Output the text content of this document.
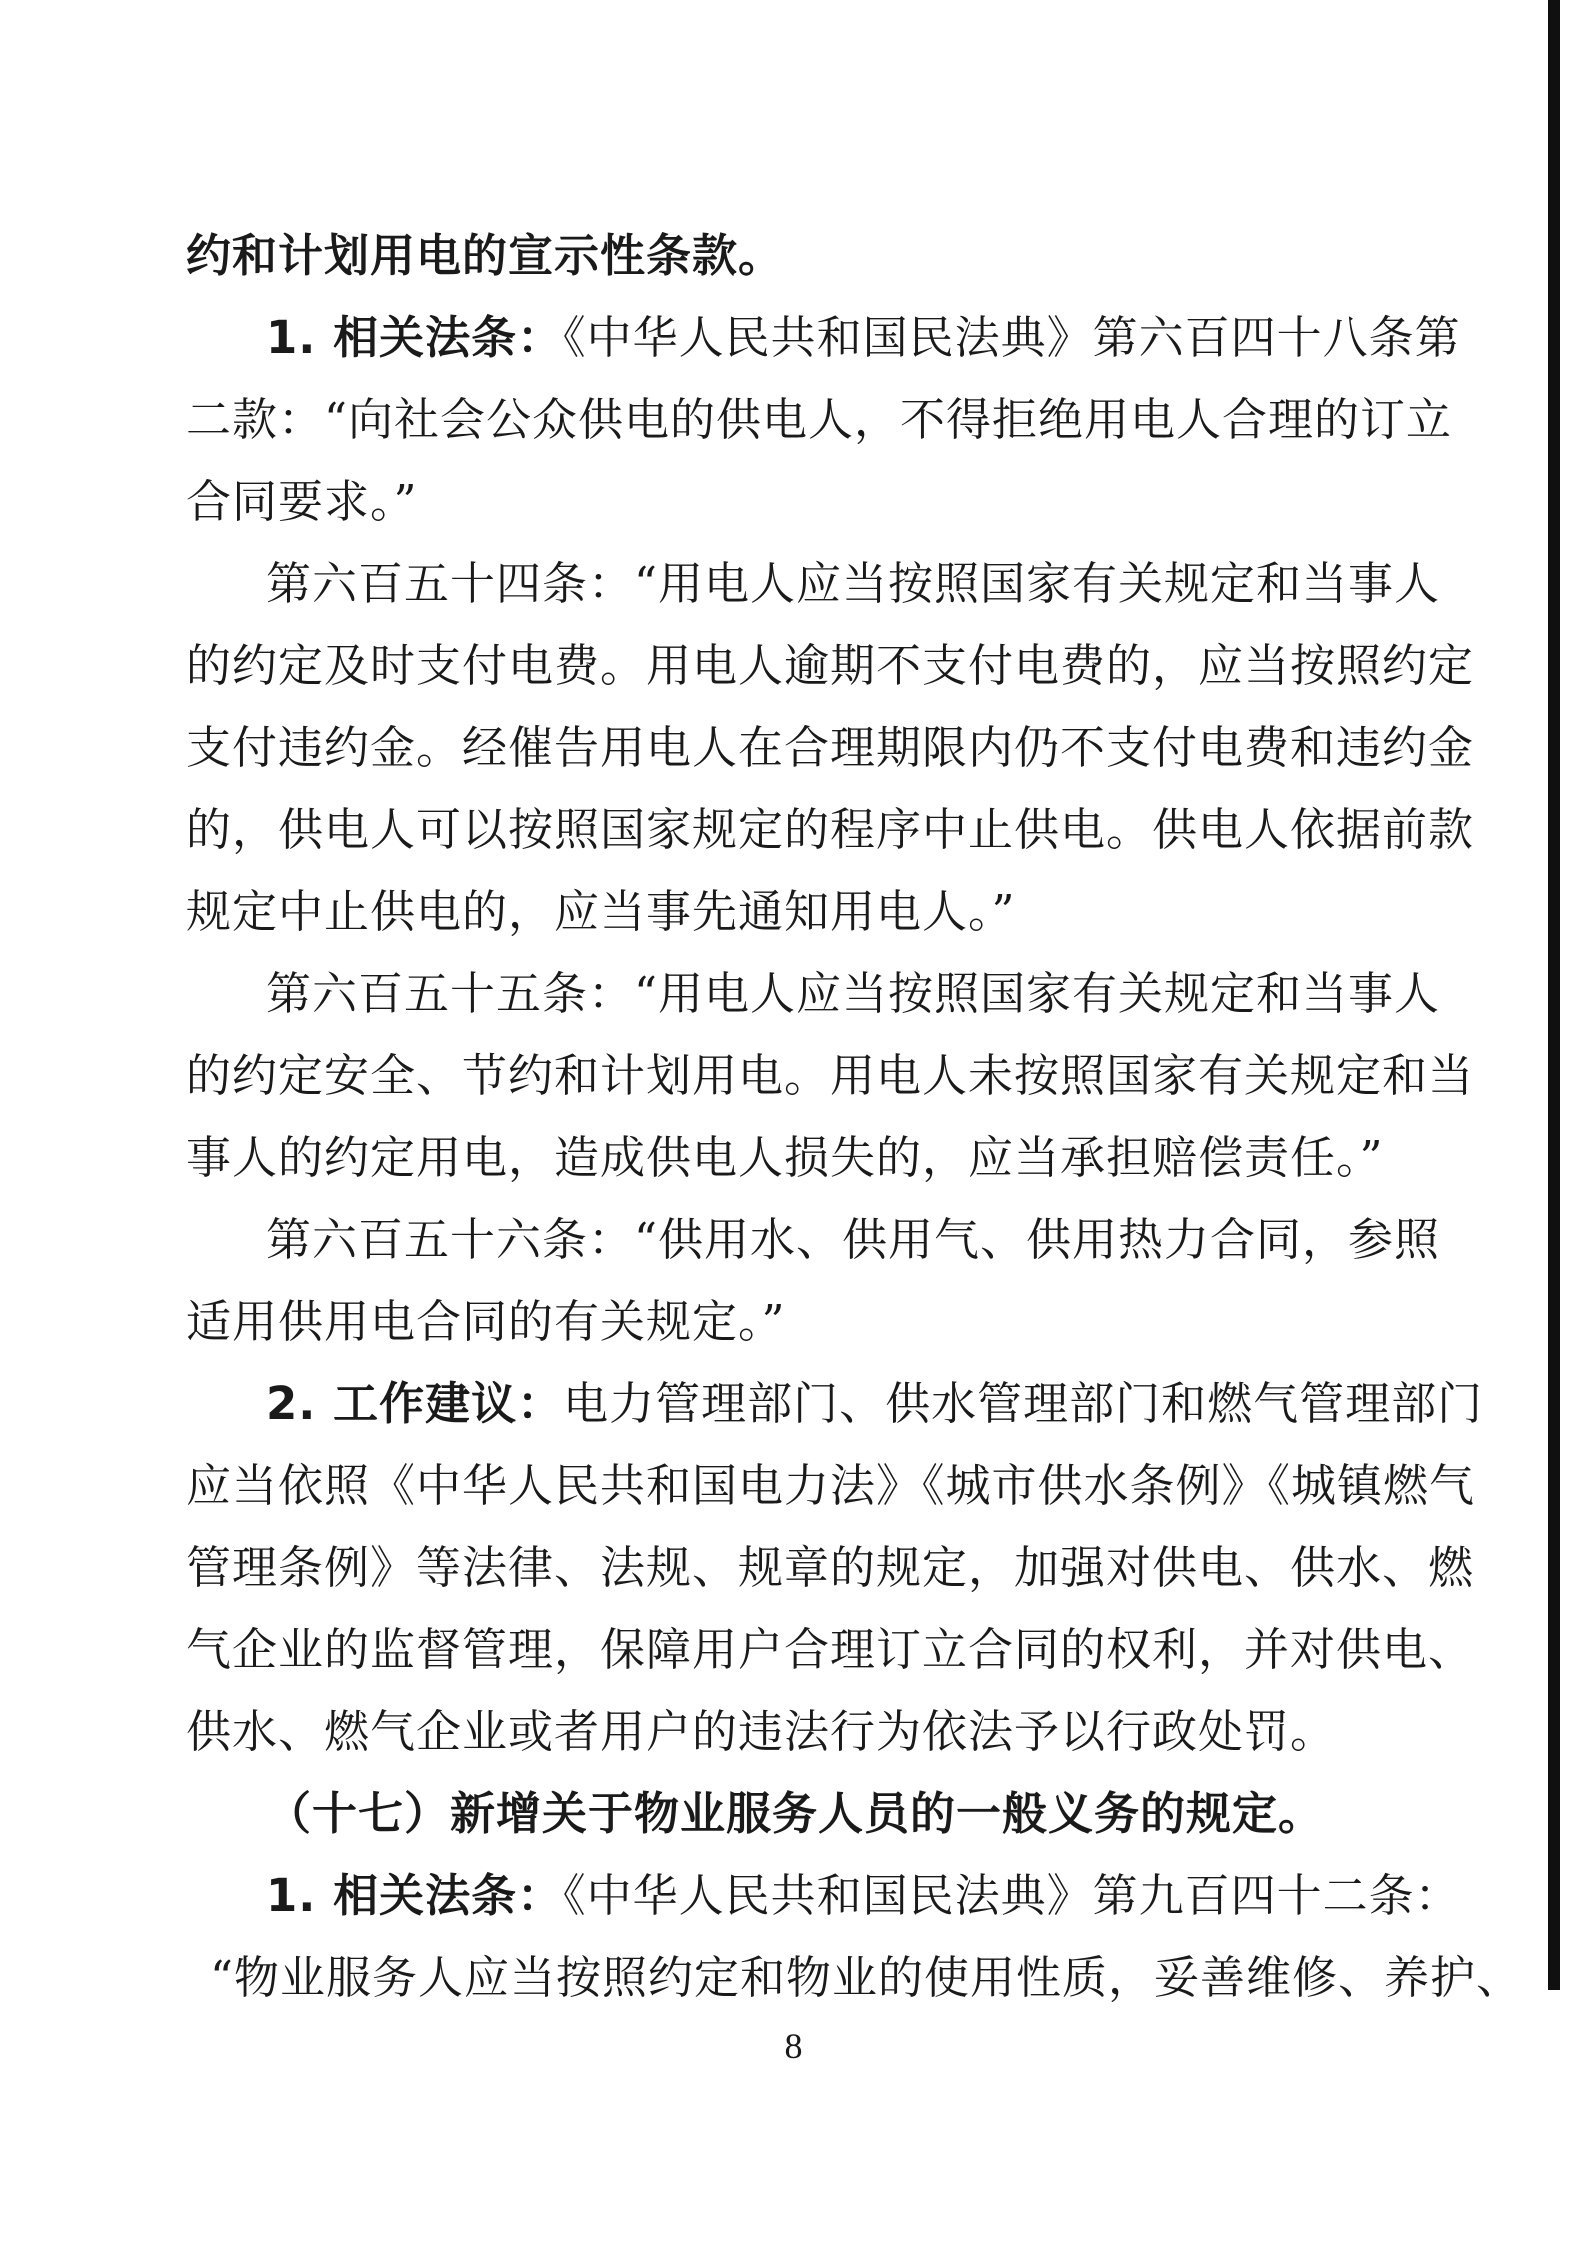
约和计划用电的宣示性条款。
1. 相关法条：《中华人民共和国民法典》第六百四十八条第
二款：“向社会公众供电的供电人，不得拒绝用电人合理的订立
合同要求。”
第六百五十四条：“用电人应当按照国家有关规定和当事人
的约定及时支付电费。用电人逾期不支付电费的，应当按照约定
支付违约金。经催告用电人在合理期限内仍不支付电费和违约金
的，供电人可以按照国家规定的程序中止供电。供电人依据前款
规定中止供电的，应当事先通知用电人。”
第六百五十五条：“用电人应当按照国家有关规定和当事人
的约定安全、节约和计划用电。用电人未按照国家有关规定和当
事人的约定用电，造成供电人损失的，应当承担赔偿责任。”
第六百五十六条：“供用水、供用气、供用热力合同，参照
适用供用电合同的有关规定。”
2. 工作建议：电力管理部门、供水管理部门和燃气管理部门
应当依照《中华人民共和国电力法》《城市供水条例》《城镇燃气
管理条例》等法律、法规、规章的规定，加强对供电、供水、燃
气企业的监督管理，保障用户合理订立合同的权利，并对供电、
供水、燃气企业或者用户的违法行为依法予以行政处罚。
（十七）新增关于物业服务人员的一般义务的规定。
1. 相关法条：《中华人民共和国民法典》第九百四十二条：
“物业服务人应当按照约定和物业的使用性质，妥善维修、养护、
8
